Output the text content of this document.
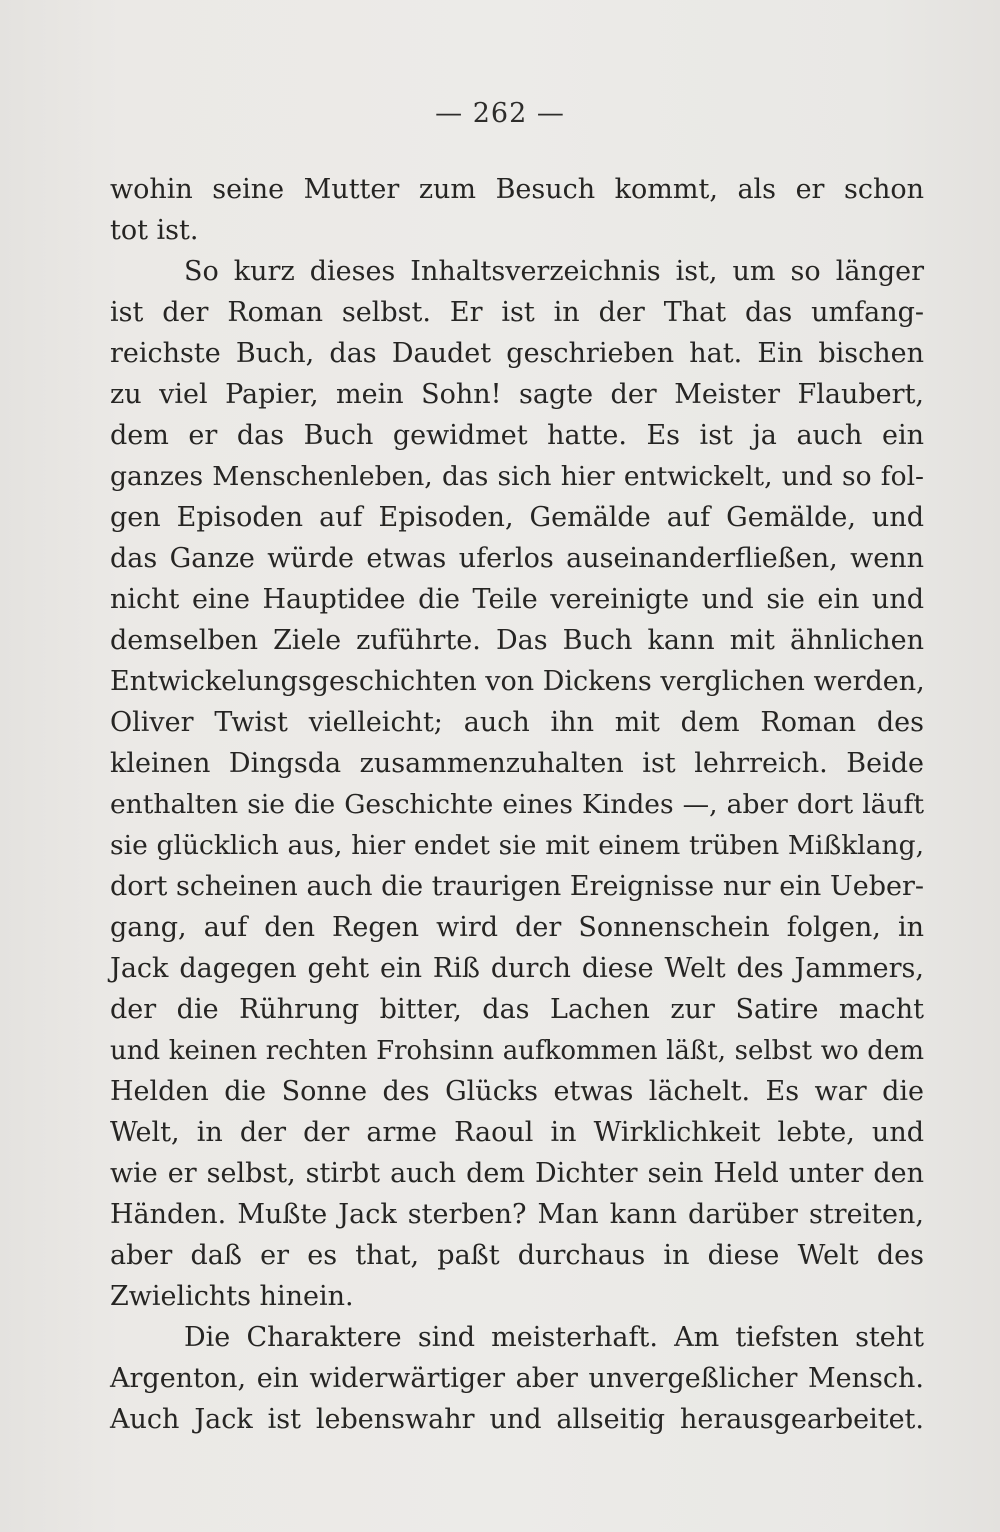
— 262 —

wohin seine Mutter zum Besuch kommt, als er schon

tot ist.

So kurz dieses Inhaltsverzeichnis ist, um so länger

ist der Roman selbst. Er ist in der That das umfang-

reichste Buch, das Daudet geschrieben hat. Ein bischen

zu viel Papier, mein Sohn! sagte der Meister Flaubert,

dem er das Buch gewidmet hatte. Es ist ja auch ein

ganzes Menschenleben, das sich hier entwickelt, und so fol-

gen Episoden auf Episoden, Gemälde auf Gemälde, und

das Ganze würde etwas uferlos auseinanderfließen, wenn

nicht eine Hauptidee die Teile vereinigte und sie ein und

demselben Ziele zuführte. Das Buch kann mit ähnlichen

Entwickelungsgeschichten von Dickens verglichen werden,

Oliver Twist vielleicht; auch ihn mit dem Roman des

kleinen Dingsda zusammenzuhalten ist lehrreich. Beide

enthalten sie die Geschichte eines Kindes —, aber dort läuft

sie glücklich aus, hier endet sie mit einem trüben Mißklang,

dort scheinen auch die traurigen Ereignisse nur ein Ueber-

gang, auf den Regen wird der Sonnenschein folgen, in

Jack dagegen geht ein Riß durch diese Welt des Jammers,

der die Rührung bitter, das Lachen zur Satire macht

und keinen rechten Frohsinn aufkommen läßt, selbst wo dem

Helden die Sonne des Glücks etwas lächelt. Es war die

Welt, in der der arme Raoul in Wirklichkeit lebte, und

wie er selbst, stirbt auch dem Dichter sein Held unter den

Händen. Mußte Jack sterben? Man kann darüber streiten,

aber daß er es that, paßt durchaus in diese Welt des

Zwielichts hinein.

Die Charaktere sind meisterhaft. Am tiefsten steht

Argenton, ein widerwärtiger aber unvergeßlicher Mensch.

Auch Jack ist lebenswahr und allseitig herausgearbeitet.
